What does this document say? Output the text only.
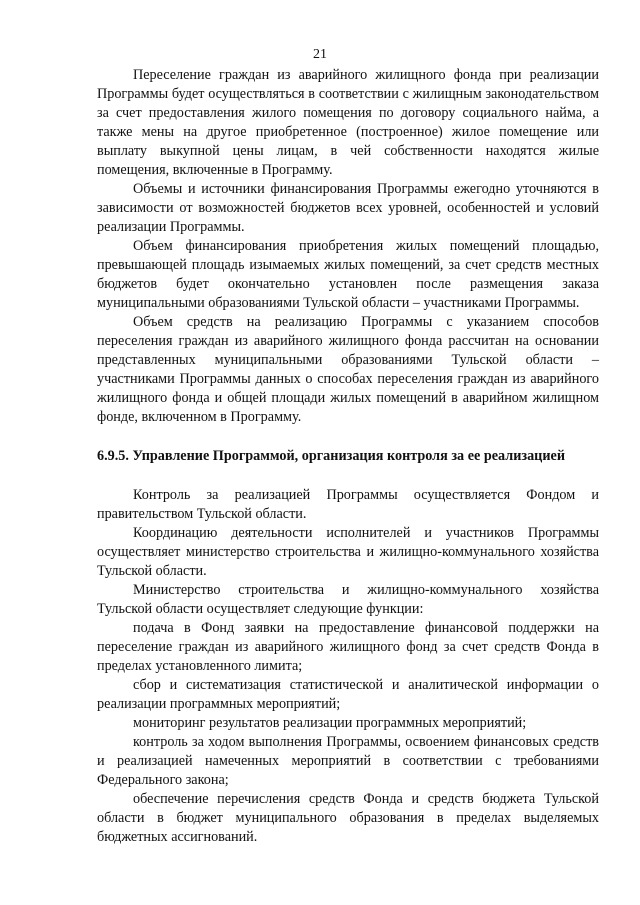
21

Переселение граждан из аварийного жилищного фонда при реализации Программы будет осуществляться в соответствии с жилищным законодательством за счет предоставления жилого помещения по договору социального найма, а также мены на другое приобретенное (построенное) жилое помещение или выплату выкупной цены лицам, в чей собственности находятся жилые помещения, включенные в Программу.

Объемы и источники финансирования Программы ежегодно уточняются в зависимости от возможностей бюджетов всех уровней, особенностей и условий реализации Программы.

Объем финансирования приобретения жилых помещений площадью, превышающей площадь изымаемых жилых помещений, за счет средств местных бюджетов будет окончательно установлен после размещения заказа муниципальными образованиями Тульской области – участниками Программы.

Объем средств на реализацию Программы с указанием способов переселения граждан из аварийного жилищного фонда рассчитан на основании представленных муниципальными образованиями Тульской области – участниками Программы данных о способах переселения граждан из аварийного жилищного фонда и общей площади жилых помещений в аварийном жилищном фонде, включенном в Программу.

6.9.5. Управление Программой, организация контроля за ее реализацией

Контроль за реализацией Программы осуществляется Фондом и правительством Тульской области.

Координацию деятельности исполнителей и участников Программы осуществляет министерство строительства и жилищно-коммунального хозяйства Тульской области.

Министерство строительства и жилищно-коммунального хозяйства Тульской области осуществляет следующие функции:

подача в Фонд заявки на предоставление финансовой поддержки на переселение граждан из аварийного жилищного фонд за счет средств Фонда в пределах установленного лимита;

сбор и систематизация статистической и аналитической информации о реализации программных мероприятий;

мониторинг результатов реализации программных мероприятий;

контроль за ходом выполнения Программы, освоением финансовых средств и реализацией намеченных мероприятий в соответствии с требованиями Федерального закона;

обеспечение перечисления средств Фонда и средств бюджета Тульской области в бюджет муниципального образования в пределах выделяемых бюджетных ассигнований.
